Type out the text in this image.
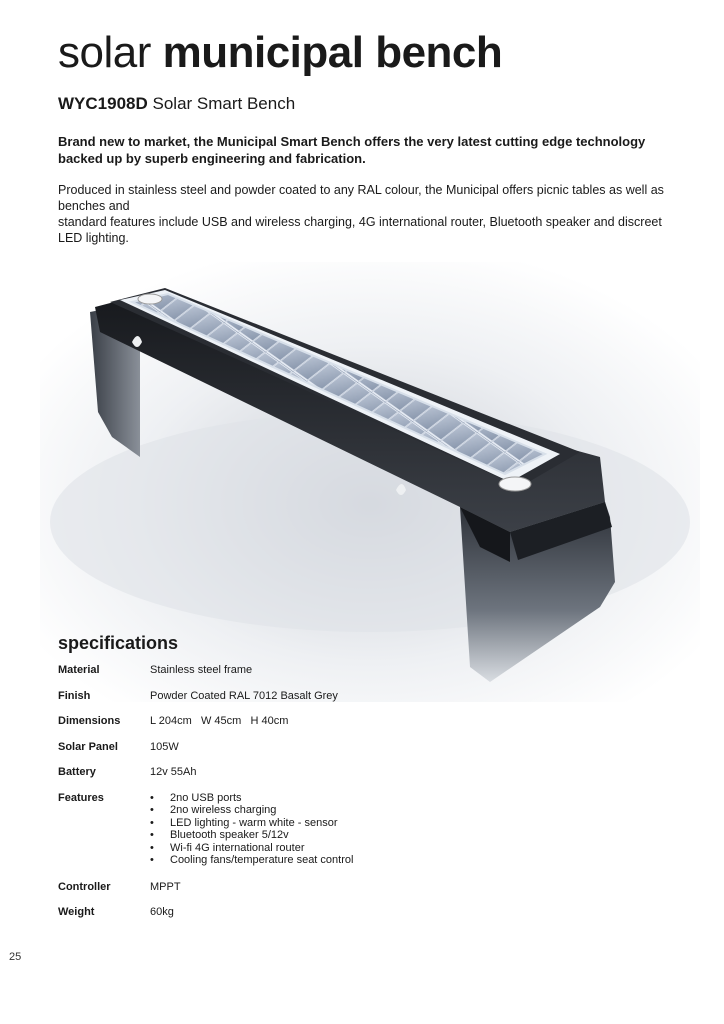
solar municipal bench
WYC1908D Solar Smart Bench

Brand new to market, the Municipal Smart Bench offers the very latest cutting edge technology backed up by superb engineering and fabrication.

Produced in stainless steel and powder coated to any RAL colour, the Municipal offers picnic tables as well as benches and
standard features include USB and wireless charging, 4G international router, Bluetooth speaker and discreet LED lighting.

specifications
Material	Stainless steel frame
Finish	Powder Coated RAL 7012 Basalt Grey
Dimensions	L 204cm   W 45cm   H 40cm
Solar Panel	105W
Battery	12v 55Ah
Features	• 2no USB ports
• 2no wireless charging
• LED lighting - warm white - sensor
• Bluetooth speaker 5/12v
• Wi-fi 4G international router
• Cooling fans/temperature seat control
Controller	MPPT
Weight	60kg
25
